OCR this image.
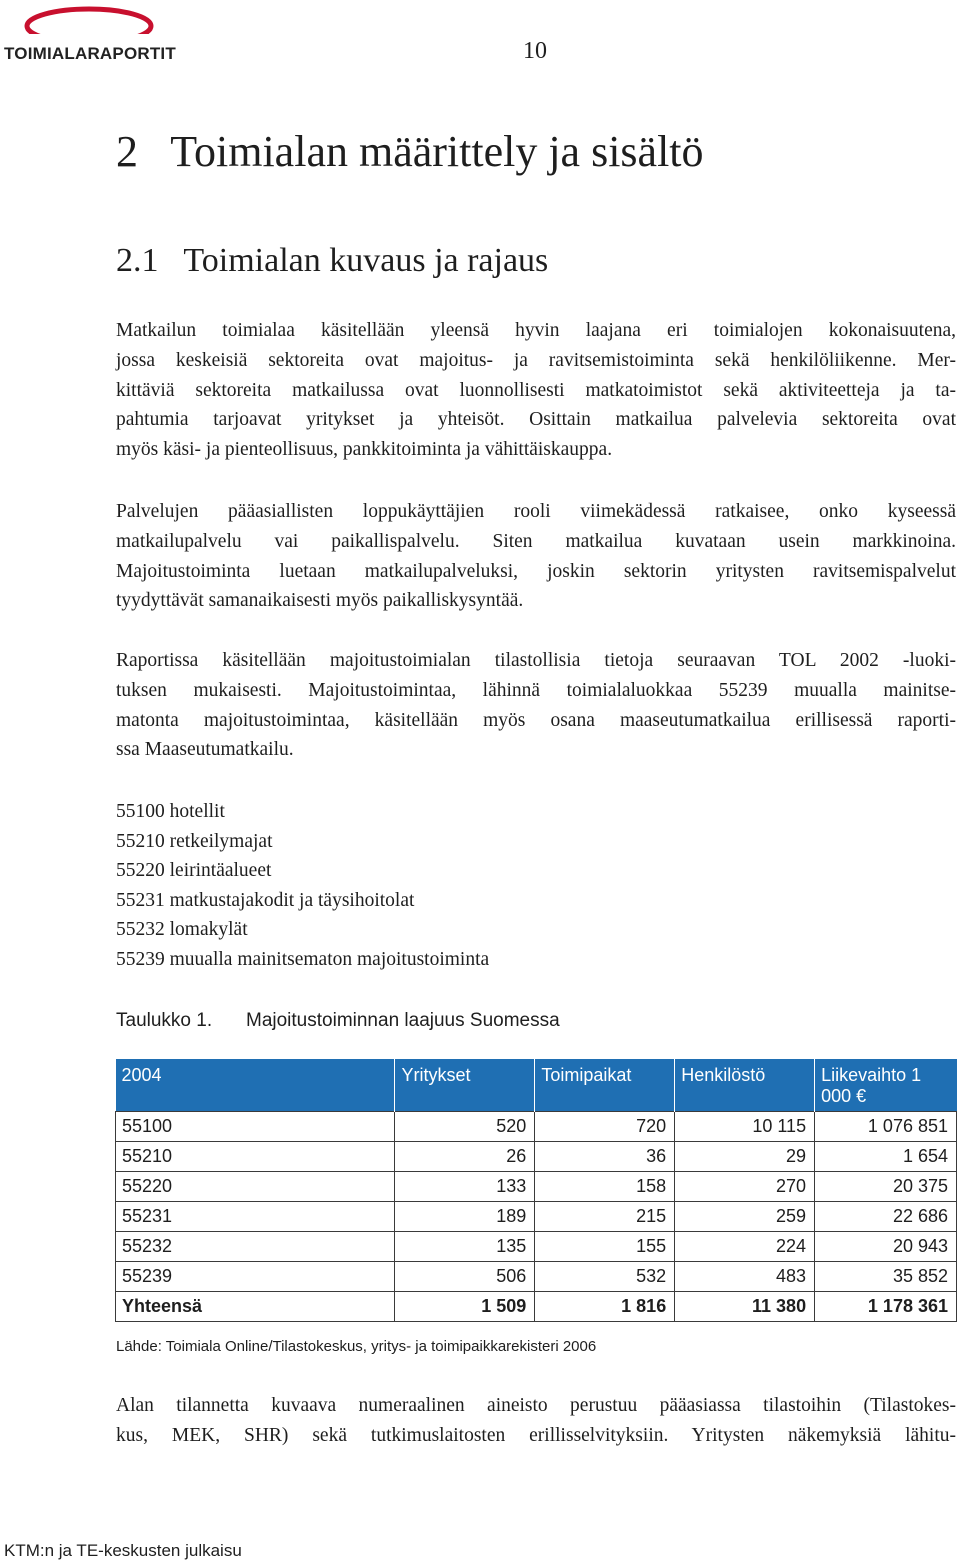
TOIMIALARAPORTIT	10
2   Toimialan määrittely ja sisältö
2.1   Toimialan kuvaus ja rajaus

Matkailun toimialaa käsitellään yleensä hyvin laajana eri toimialojen kokonaisuutena,
jossa keskeisiä sektoreita ovat majoitus- ja ravitsemistoiminta sekä henkilöliikenne. Mer-
kittäviä sektoreita matkailussa ovat luonnollisesti matkatoimistot sekä aktiviteetteja ja ta-
pahtumia tarjoavat yritykset ja yhteisöt. Osittain matkailua palvelevia sektoreita ovat
myös käsi- ja pienteollisuus, pankkitoiminta ja vähittäiskauppa.

Palvelujen pääasiallisten loppukäyttäjien rooli viimekädessä ratkaisee, onko kyseessä
matkailupalvelu vai paikallispalvelu. Siten matkailua kuvataan usein markkinoina.
Majoitustoiminta luetaan matkailupalveluksi, joskin sektorin yritysten ravitsemispalvelut
tyydyttävät samanaikaisesti myös paikalliskysyntää.

Raportissa käsitellään majoitustoimialan tilastollisia tietoja seuraavan TOL 2002 -luoki-
tuksen mukaisesti. Majoitustoimintaa, lähinnä toimialaluokkaa 55239 muualla mainitse-
matonta majoitustoimintaa, käsitellään myös osana maaseutumatkailua erillisessä raporti-
ssa Maaseutumatkailu.

55100 hotellit
55210 retkeilymajat
55220 leirintäalueet
55231 matkustajakodit ja täysihoitolat
55232 lomakylät
55239 muualla mainitsematon majoitustoiminta
Taulukko 1. Majoitustoiminnan laajuus Suomessa
2004	Yritykset	Toimipaikat	Henkilöstö	Liikevaihto 1 000 €
55100	520	720	10 115	1 076 851
55210	26	36	29	1 654
55220	133	158	270	20 375
55231	189	215	259	22 686
55232	135	155	224	20 943
55239	506	532	483	35 852
Yhteensä	1 509	1 816	11 380	1 178 361
Lähde: Toimiala Online/Tilastokeskus, yritys- ja toimipaikkarekisteri 2006

Alan tilannetta kuvaava numeraalinen aineisto perustuu pääasiassa tilastoihin (Tilastokes-
kus, MEK, SHR) sekä tutkimuslaitosten erillisselvityksiin. Yritysten näkemyksiä lähitu-

KTM:n ja TE-keskusten julkaisu
